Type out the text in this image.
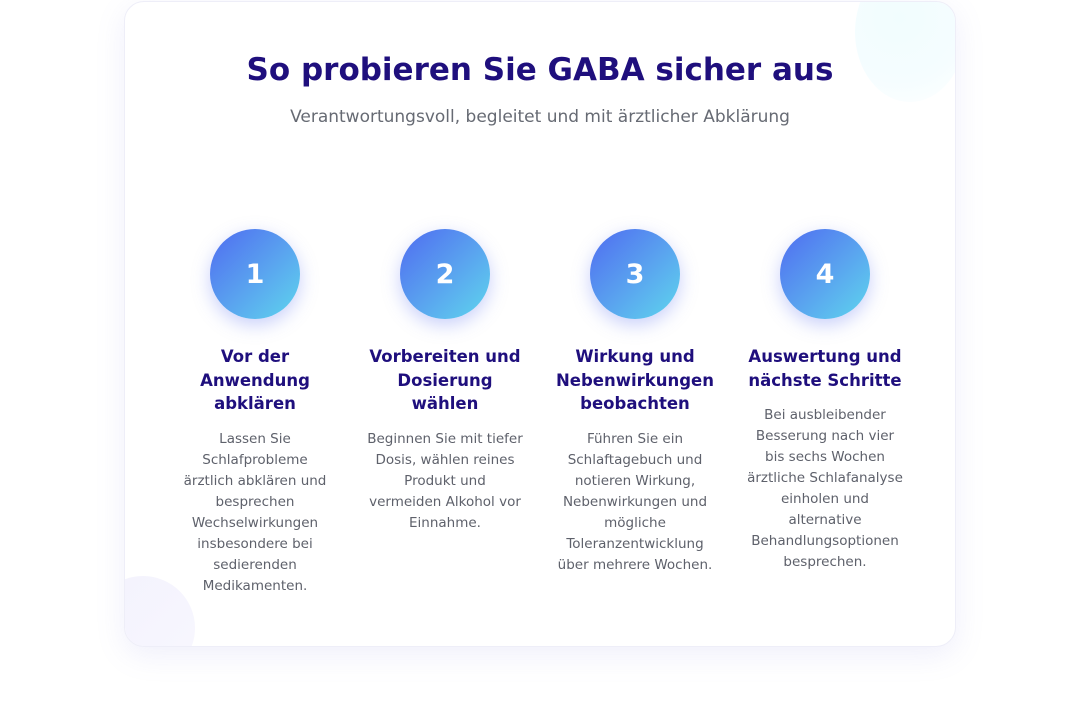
So probieren Sie GABA sicher aus
Verantwortungsvoll, begleitet und mit ärztlicher Abklärung
1
Vor der Anwendung abklären
Lassen Sie Schlafprobleme ärztlich abklären und besprechen Wechselwirkungen insbesondere bei sedierenden Medikamenten.
2
Vorbereiten und Dosierung wählen
Beginnen Sie mit tiefer Dosis, wählen reines Produkt und vermeiden Alkohol vor Einnahme.
3
Wirkung und Nebenwirkungen beobachten
Führen Sie ein Schlaftagebuch und notieren Wirkung, Nebenwirkungen und mögliche Toleranzentwicklung über mehrere Wochen.
4
Auswertung und nächste Schritte
Bei ausbleibender Besserung nach vier bis sechs Wochen ärztliche Schlafanalyse einholen und alternative Behandlungsoptionen besprechen.
